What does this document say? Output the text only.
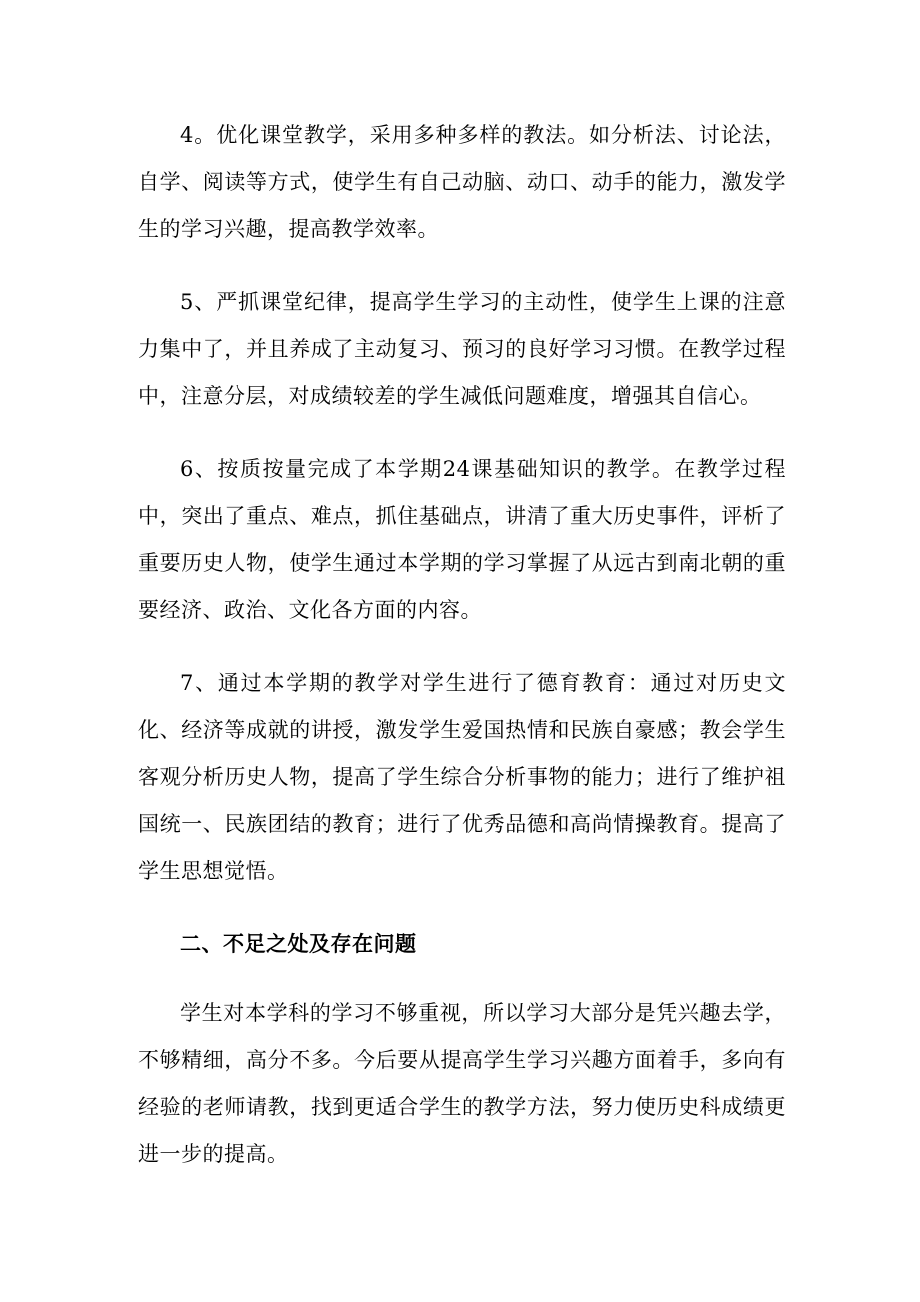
4。优化课堂教学，采用多种多样的教法。如分析法、讨论法，自学、阅读等方式，使学生有自己动脑、动口、动手的能力，激发学生的学习兴趣，提高教学效率。

5、严抓课堂纪律，提高学生学习的主动性，使学生上课的注意力集中了，并且养成了主动复习、预习的良好学习习惯。在教学过程中，注意分层，对成绩较差的学生减低问题难度，增强其自信心。

6、按质按量完成了本学期24课基础知识的教学。在教学过程中，突出了重点、难点，抓住基础点，讲清了重大历史事件，评析了重要历史人物，使学生通过本学期的学习掌握了从远古到南北朝的重要经济、政治、文化各方面的内容。

7、通过本学期的教学对学生进行了德育教育：通过对历史文化、经济等成就的讲授，激发学生爱国热情和民族自豪感；教会学生客观分析历史人物，提高了学生综合分析事物的能力；进行了维护祖国统一、民族团结的教育；进行了优秀品德和高尚情操教育。提高了学生思想觉悟。

二、不足之处及存在问题

学生对本学科的学习不够重视，所以学习大部分是凭兴趣去学，不够精细，高分不多。今后要从提高学生学习兴趣方面着手，多向有经验的老师请教，找到更适合学生的教学方法，努力使历史科成绩更进一步的提高。
